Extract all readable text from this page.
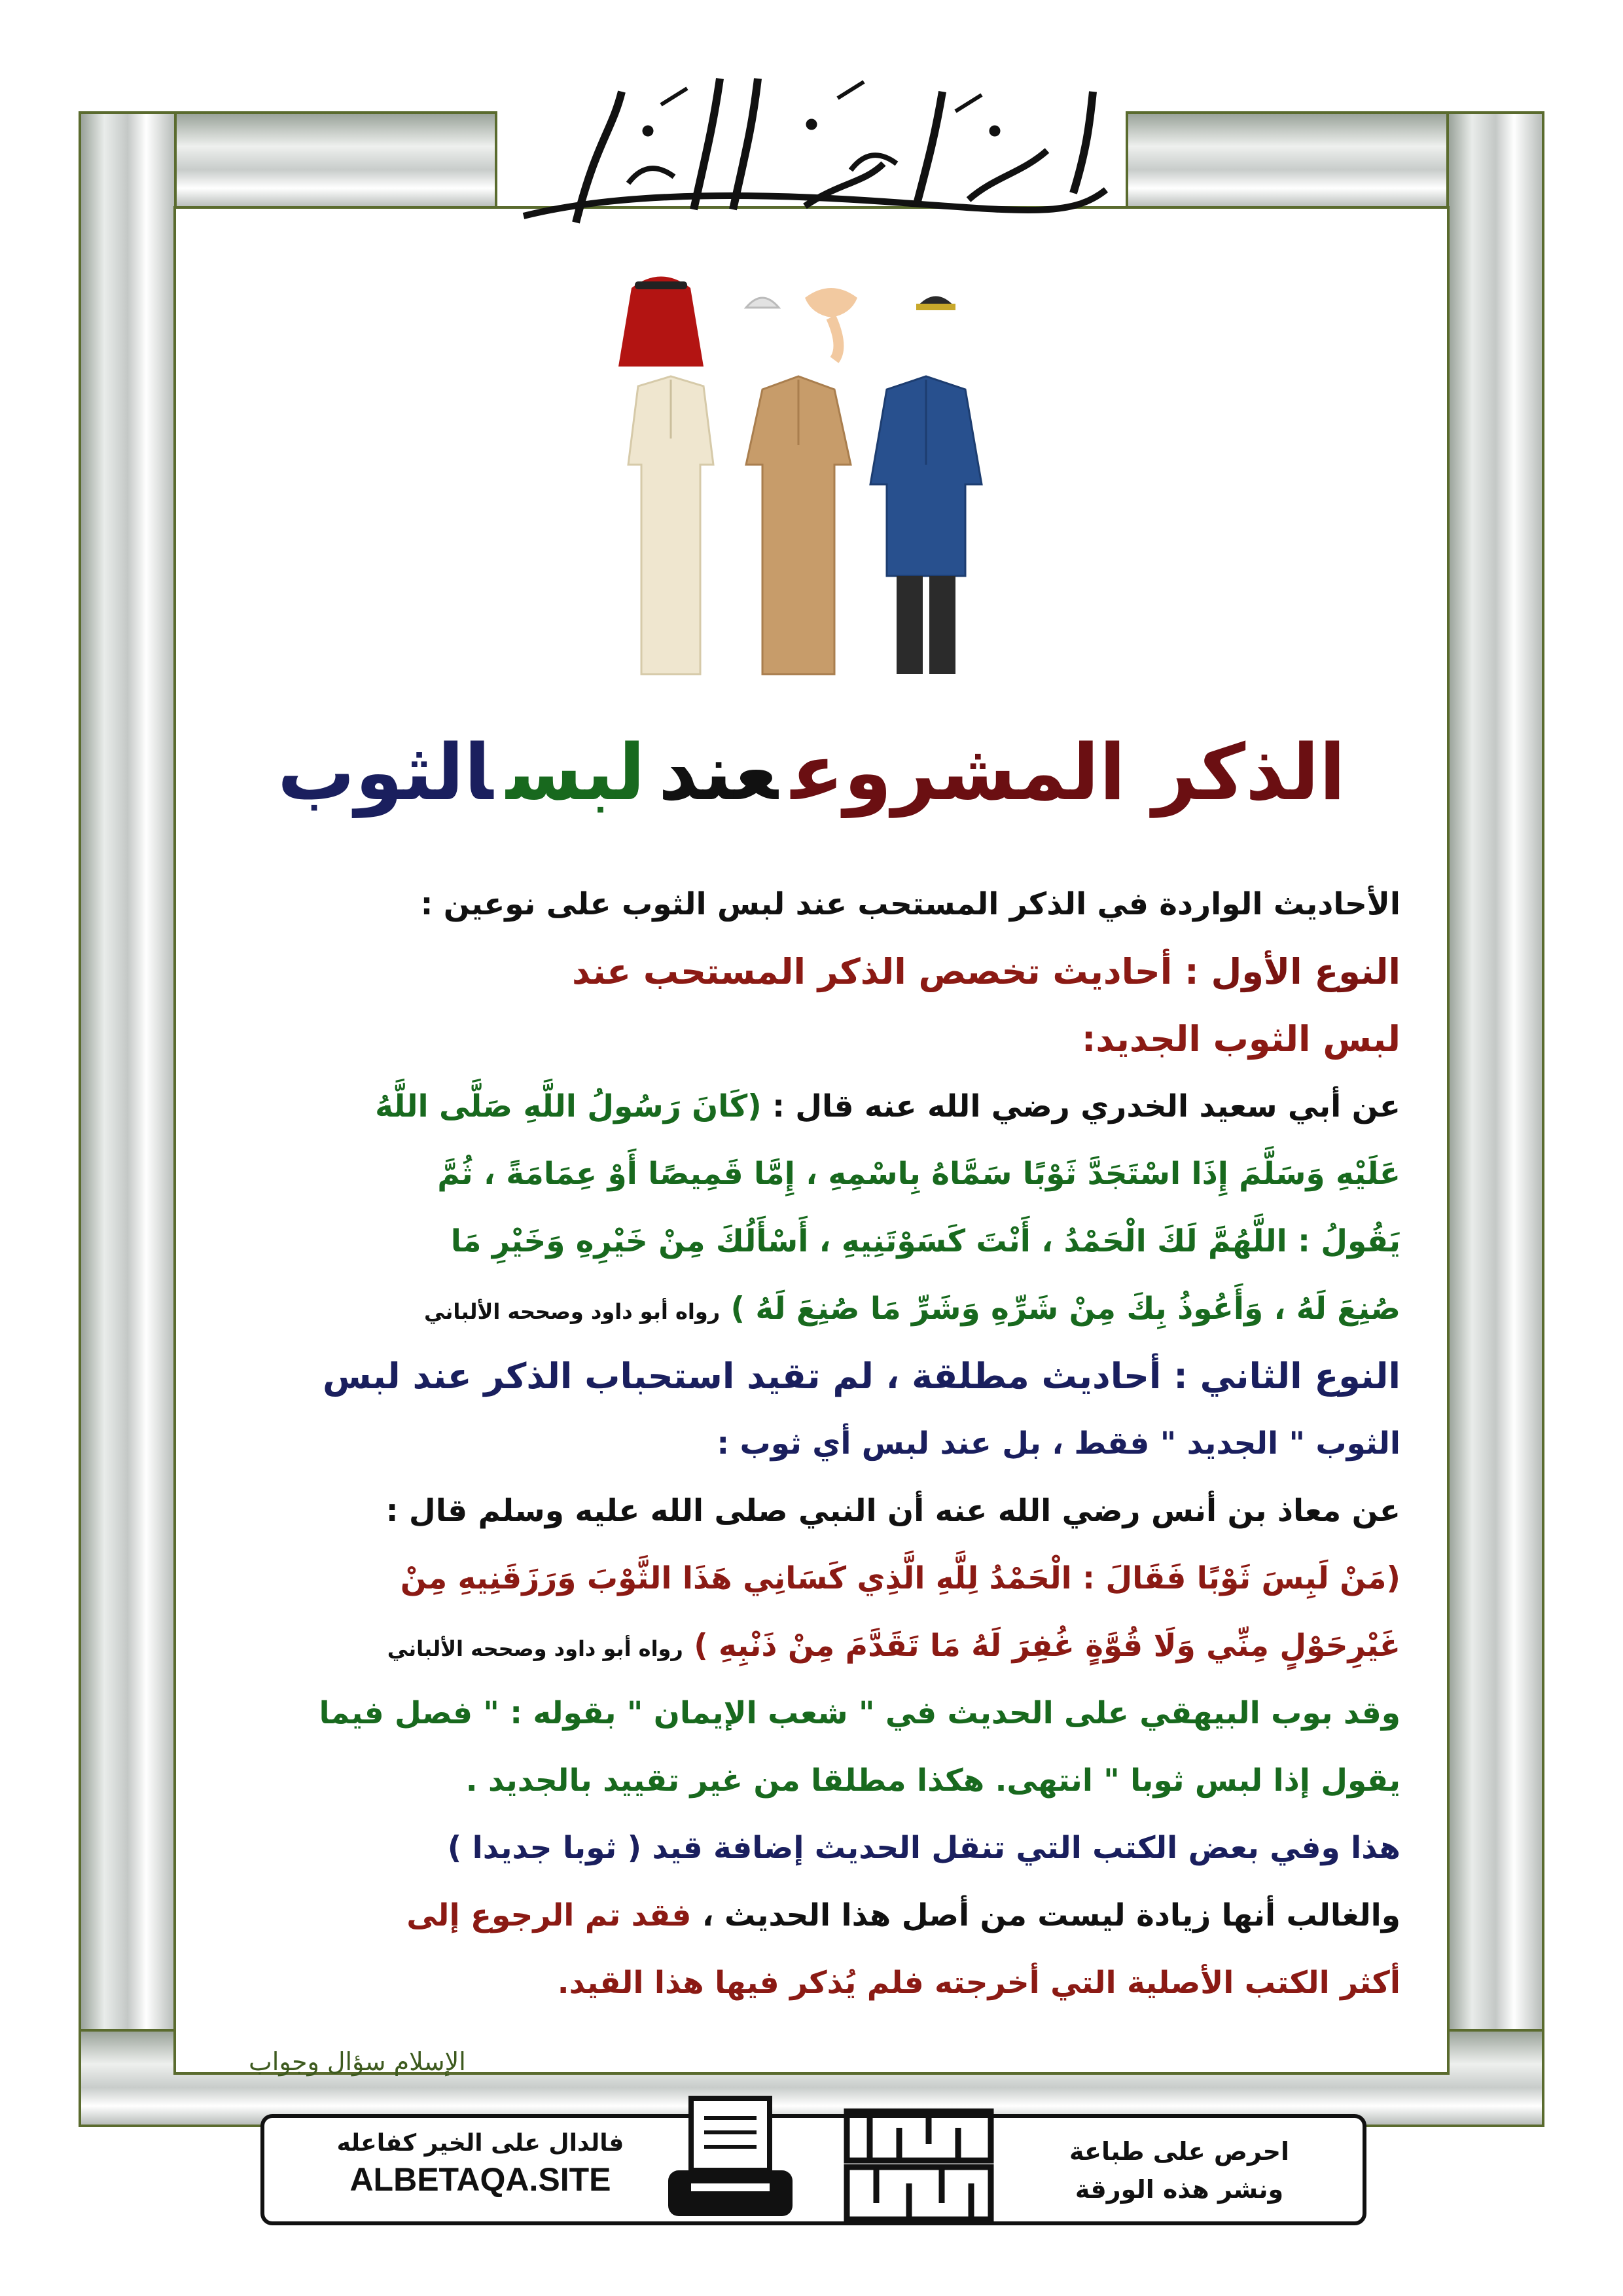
الذكر المشروععندلبسالثوب
الأحاديث الواردة في الذكر المستحب عند لبس الثوب على نوعين :
النوع الأول : أحاديث تخصص الذكر المستحب عند
لبس الثوب الجديد:
عن أبي سعيد الخدري رضي الله عنه قال : (كَانَ رَسُولُ اللَّهِ صَلَّى اللَّهُ
عَلَيْهِ وَسَلَّمَ إِذَا اسْتَجَدَّ ثَوْبًا سَمَّاهُ بِاسْمِهِ ، إِمَّا قَمِيصًا أَوْ عِمَامَةً ، ثُمَّ
يَقُولُ : اللَّهُمَّ لَكَ الْحَمْدُ ، أَنْتَ كَسَوْتَنِيهِ ، أَسْأَلُكَ مِنْ خَيْرِهِ وَخَيْرِ مَا
صُنِعَ لَهُ ، وَأَعُوذُ بِكَ مِنْ شَرِّهِ وَشَرِّ مَا صُنِعَ لَهُ ) رواه أبو داود وصححه الألباني
النوع الثاني : أحاديث مطلقة ، لم تقيد استحباب الذكر عند لبس
الثوب " الجديد " فقط ، بل عند لبس أي ثوب :
عن معاذ بن أنس رضي الله عنه أن النبي صلى الله عليه وسلم قال :
(مَنْ لَبِسَ ثَوْبًا فَقَالَ : الْحَمْدُ لِلَّهِ الَّذِي كَسَانِي هَذَا الثَّوْبَ وَرَزَقَنِيهِ مِنْ
غَيْرِحَوْلٍ مِنِّي وَلَا قُوَّةٍ غُفِرَ لَهُ مَا تَقَدَّمَ مِنْ ذَنْبِهِ ) رواه أبو داود وصححه الألباني
وقد بوب البيهقي على الحديث في " شعب الإيمان " بقوله : " فصل فيما
يقول إذا لبس ثوبا " انتهى. هكذا مطلقا من غير تقييد بالجديد .
هذا وفي بعض الكتب التي تنقل الحديث إضافة قيد ( ثوبا جديدا )
والغالب أنها زيادة ليست من أصل هذا الحديث ، فقد تم الرجوع إلى
أكثر الكتب الأصلية التي أخرجته فلم يُذكر فيها هذا القيد.
الإسلام سؤال وجواب
فالدال على الخير كفاعله
ALBETAQA.SITE
احرص على طباعة
ونشر هذه الورقة
